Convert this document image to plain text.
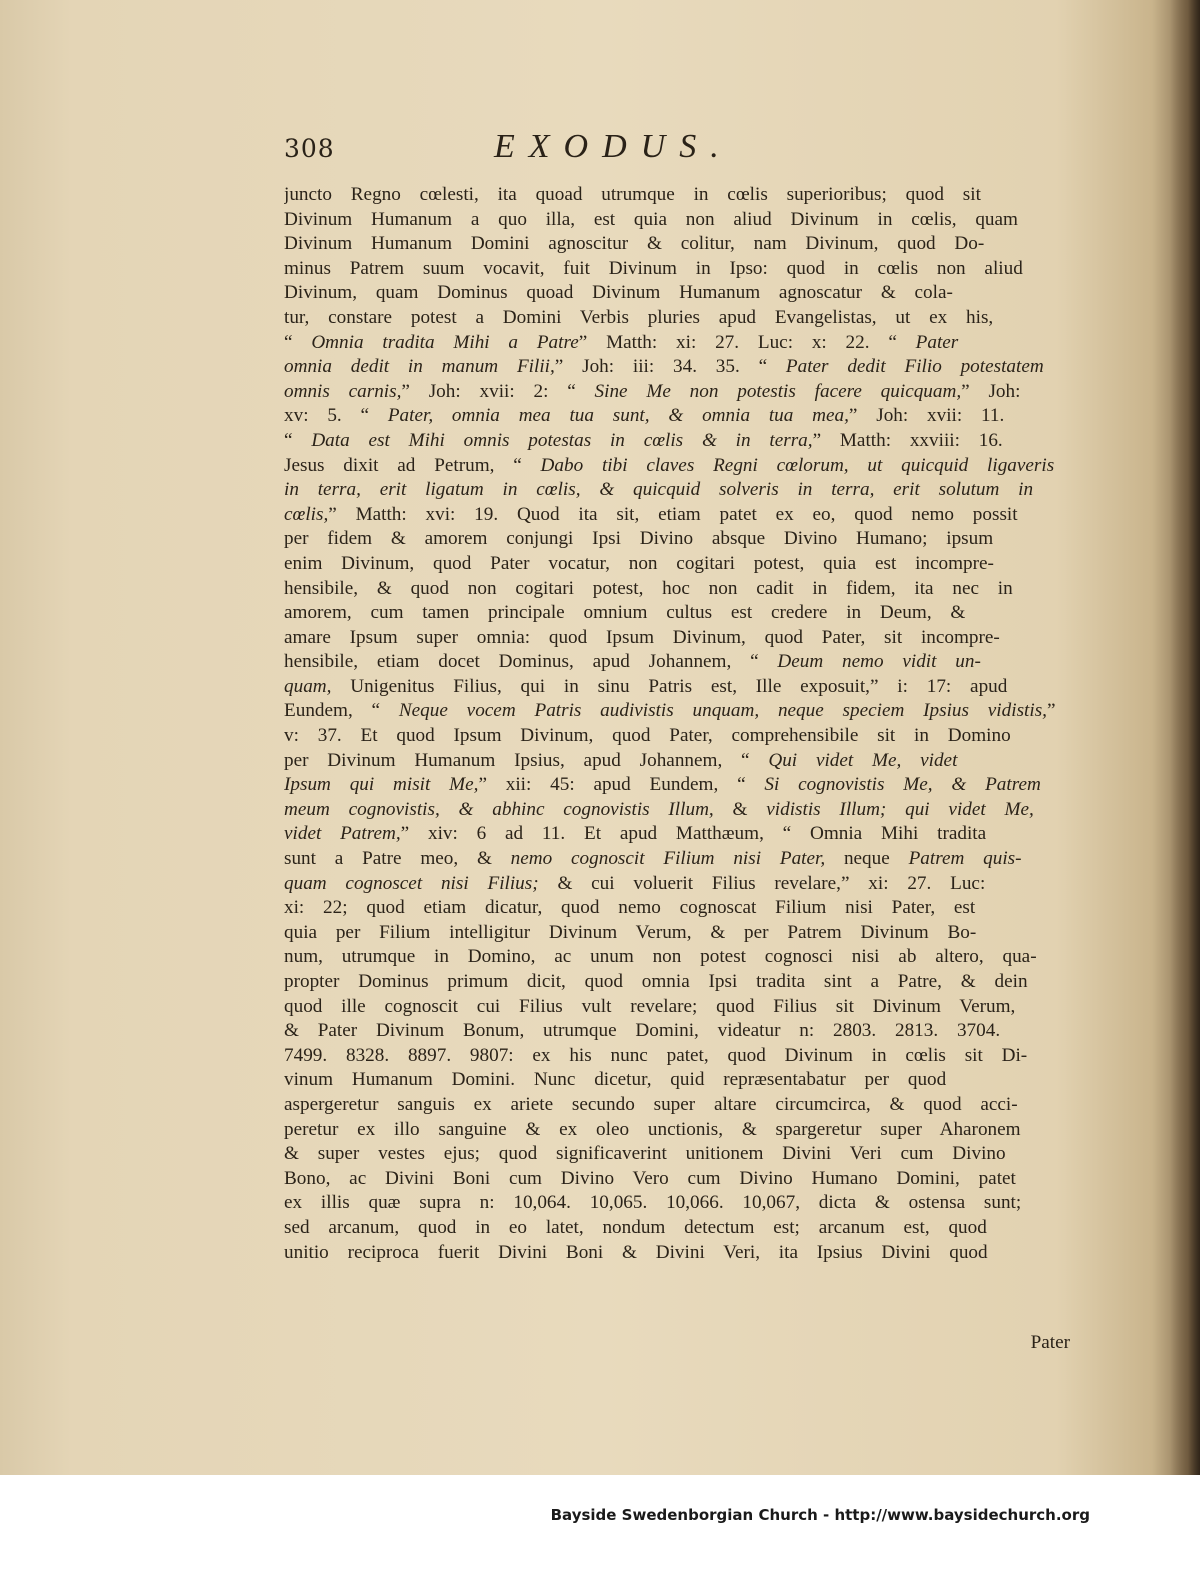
308	EXODUS.
juncto Regno cœlesti, ita quoad utrumque in cœlis superioribus; quod sit
Divinum Humanum a quo illa, est quia non aliud Divinum in cœlis, quam
Divinum Humanum Domini agnoscitur & colitur, nam Divinum, quod Do-
minus Patrem suum vocavit, fuit Divinum in Ipso: quod in cœlis non aliud
Divinum, quam Dominus quoad Divinum Humanum agnoscatur & cola-
tur, constare potest a Domini Verbis pluries apud Evangelistas, ut ex his,
“ Omnia tradita Mihi a Patre” Matth: xi: 27. Luc: x: 22. “ Pater
omnia dedit in manum Filii,” Joh: iii: 34. 35. “ Pater dedit Filio potestatem
omnis carnis,” Joh: xvii: 2: “ Sine Me non potestis facere quicquam,” Joh:
xv: 5. “ Pater, omnia mea tua sunt, & omnia tua mea,” Joh: xvii: 11.
“ Data est Mihi omnis potestas in cœlis & in terra,” Matth: xxviii: 16.
Jesus dixit ad Petrum, “ Dabo tibi claves Regni cœlorum, ut quicquid ligaveris
in terra, erit ligatum in cœlis, & quicquid solveris in terra, erit solutum in
cœlis,” Matth: xvi: 19. Quod ita sit, etiam patet ex eo, quod nemo possit
per fidem & amorem conjungi Ipsi Divino absque Divino Humano; ipsum
enim Divinum, quod Pater vocatur, non cogitari potest, quia est incompre-
hensibile, & quod non cogitari potest, hoc non cadit in fidem, ita nec in
amorem, cum tamen principale omnium cultus est credere in Deum, &
amare Ipsum super omnia: quod Ipsum Divinum, quod Pater, sit incompre-
hensibile, etiam docet Dominus, apud Johannem, “ Deum nemo vidit un-
quam, Unigenitus Filius, qui in sinu Patris est, Ille exposuit,” i: 17: apud
Eundem, “ Neque vocem Patris audivistis unquam, neque speciem Ipsius vidistis,”
v: 37. Et quod Ipsum Divinum, quod Pater, comprehensibile sit in Domino
per Divinum Humanum Ipsius, apud Johannem, “ Qui videt Me, videt
Ipsum qui misit Me,” xii: 45: apud Eundem, “ Si cognovistis Me, & Patrem
meum cognovistis, & abhinc cognovistis Illum, & vidistis Illum; qui videt Me,
videt Patrem,” xiv: 6 ad 11. Et apud Matthæum, “ Omnia Mihi tradita
sunt a Patre meo, & nemo cognoscit Filium nisi Pater, neque Patrem quis-
quam cognoscet nisi Filius; & cui voluerit Filius revelare,” xi: 27. Luc:
xi: 22; quod etiam dicatur, quod nemo cognoscat Filium nisi Pater, est
quia per Filium intelligitur Divinum Verum, & per Patrem Divinum Bo-
num, utrumque in Domino, ac unum non potest cognosci nisi ab altero, qua-
propter Dominus primum dicit, quod omnia Ipsi tradita sint a Patre, & dein
quod ille cognoscit cui Filius vult revelare; quod Filius sit Divinum Verum,
& Pater Divinum Bonum, utrumque Domini, videatur n: 2803. 2813. 3704.
7499. 8328. 8897. 9807: ex his nunc patet, quod Divinum in cœlis sit Di-
vinum Humanum Domini. Nunc dicetur, quid repræsentabatur per quod
aspergeretur sanguis ex ariete secundo super altare circumcirca, & quod acci-
peretur ex illo sanguine & ex oleo unctionis, & spargeretur super Aharonem
& super vestes ejus; quod significaverint unitionem Divini Veri cum Divino
Bono, ac Divini Boni cum Divino Vero cum Divino Humano Domini, patet
ex illis quæ supra n: 10,064. 10,065. 10,066. 10,067, dicta & ostensa sunt;
sed arcanum, quod in eo latet, nondum detectum est; arcanum est, quod
unitio reciproca fuerit Divini Boni & Divini Veri, ita Ipsius Divini quod
Pater
Bayside Swedenborgian Church - http://www.baysidechurch.org
